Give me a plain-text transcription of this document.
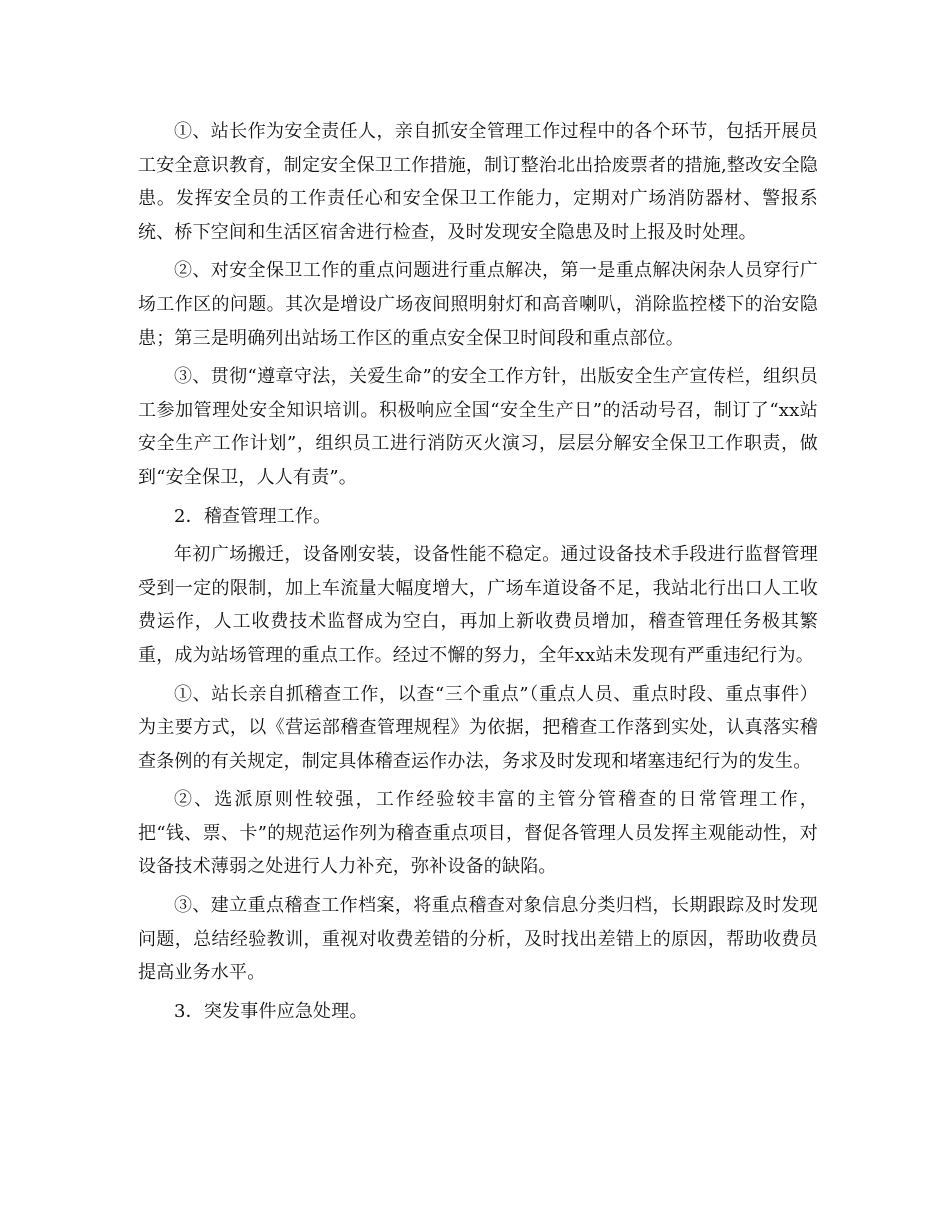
①、站长作为安全责任人，亲自抓安全管理工作过程中的各个环节，包括开展员工安全意识教育，制定安全保卫工作措施，制订整治北出拾废票者的措施,整改安全隐患。发挥安全员的工作责任心和安全保卫工作能力，定期对广场消防器材、警报系统、桥下空间和生活区宿舍进行检查，及时发现安全隐患及时上报及时处理。

②、对安全保卫工作的重点问题进行重点解决，第一是重点解决闲杂人员穿行广场工作区的问题。其次是增设广场夜间照明射灯和高音喇叭，消除监控楼下的治安隐患；第三是明确列出站场工作区的重点安全保卫时间段和重点部位。

③、贯彻“遵章守法，关爱生命”的安全工作方针，出版安全生产宣传栏，组织员工参加管理处安全知识培训。积极响应全国“安全生产日”的活动号召，制订了“xx站安全生产工作计划”，组织员工进行消防灭火演习，层层分解安全保卫工作职责，做到“安全保卫，人人有责”。

2．稽查管理工作。

年初广场搬迁，设备刚安装，设备性能不稳定。通过设备技术手段进行监督管理受到一定的限制，加上车流量大幅度增大，广场车道设备不足，我站北行出口人工收费运作，人工收费技术监督成为空白，再加上新收费员增加，稽查管理任务极其繁重，成为站场管理的重点工作。经过不懈的努力，全年xx站未发现有严重违纪行为。

①、站长亲自抓稽查工作，以查“三个重点”（重点人员、重点时段、重点事件）为主要方式，以《营运部稽查管理规程》为依据，把稽查工作落到实处，认真落实稽查条例的有关规定，制定具体稽查运作办法，务求及时发现和堵塞违纪行为的发生。

②、选派原则性较强，工作经验较丰富的主管分管稽查的日常管理工作，把“钱、票、卡”的规范运作列为稽查重点项目，督促各管理人员发挥主观能动性，对设备技术薄弱之处进行人力补充，弥补设备的缺陷。

③、建立重点稽查工作档案，将重点稽查对象信息分类归档，长期跟踪及时发现问题，总结经验教训，重视对收费差错的分析，及时找出差错上的原因，帮助收费员提高业务水平。

3．突发事件应急处理。
